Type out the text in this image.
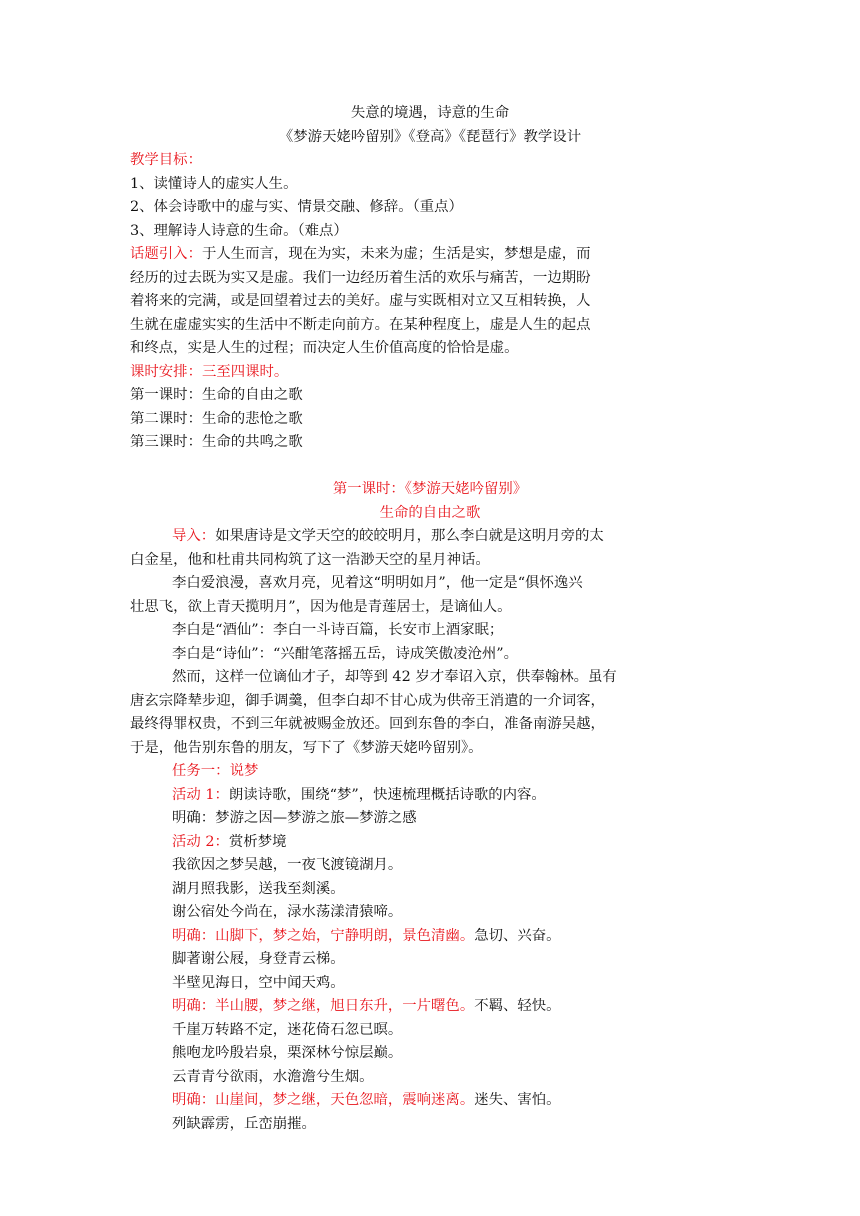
失意的境遇，诗意的生命
《梦游天姥吟留别》《登高》《琵琶行》教学设计
教学目标：
1、读懂诗人的虚实人生。
2、体会诗歌中的虚与实、情景交融、修辞。（重点）
3、理解诗人诗意的生命。（难点）
话题引入：于人生而言，现在为实，未来为虚；生活是实，梦想是虚，而
经历的过去既为实又是虚。我们一边经历着生活的欢乐与痛苦，一边期盼
着将来的完满，或是回望着过去的美好。虚与实既相对立又互相转换，人
生就在虚虚实实的生活中不断走向前方。在某种程度上，虚是人生的起点
和终点，实是人生的过程；而决定人生价值高度的恰恰是虚。
课时安排：三至四课时。
第一课时：生命的自由之歌
第二课时：生命的悲怆之歌
第三课时：生命的共鸣之歌
第一课时：《梦游天姥吟留别》
生命的自由之歌
导入：如果唐诗是文学天空的皎皎明月，那么李白就是这明月旁的太
白金星，他和杜甫共同构筑了这一浩渺天空的星月神话。
李白爱浪漫，喜欢月亮，见着这“明明如月”，他一定是“俱怀逸兴
壮思飞，欲上青天揽明月”，因为他是青莲居士，是谪仙人。
李白是“酒仙”：李白一斗诗百篇，长安市上酒家眠；
李白是“诗仙”：“兴酣笔落摇五岳，诗成笑傲凌沧州”。
然而，这样一位谪仙才子，却等到 42 岁才奉诏入京，供奉翰林。虽有
唐玄宗降辇步迎，御手调羹，但李白却不甘心成为供帝王消遣的一介词客，
最终得罪权贵，不到三年就被赐金放还。回到东鲁的李白，准备南游吴越，
于是，他告别东鲁的朋友，写下了《梦游天姥吟留别》。
任务一：说梦
活动 1：朗读诗歌，围绕“梦”，快速梳理概括诗歌的内容。
明确：梦游之因—梦游之旅—梦游之感
活动 2：赏析梦境
我欲因之梦吴越，一夜飞渡镜湖月。
湖月照我影，送我至剡溪。
谢公宿处今尚在，渌水荡漾清猿啼。
明确：山脚下，梦之始，宁静明朗，景色清幽。急切、兴奋。
脚著谢公屐，身登青云梯。
半壁见海日，空中闻天鸡。
明确：半山腰，梦之继，旭日东升，一片曙色。不羁、轻快。
千崖万转路不定，迷花倚石忽已暝。
熊咆龙吟殷岩泉，栗深林兮惊层巅。
云青青兮欲雨，水澹澹兮生烟。
明确：山崖间，梦之继，天色忽暗，震响迷离。迷失、害怕。
列缺霹雳，丘峦崩摧。
